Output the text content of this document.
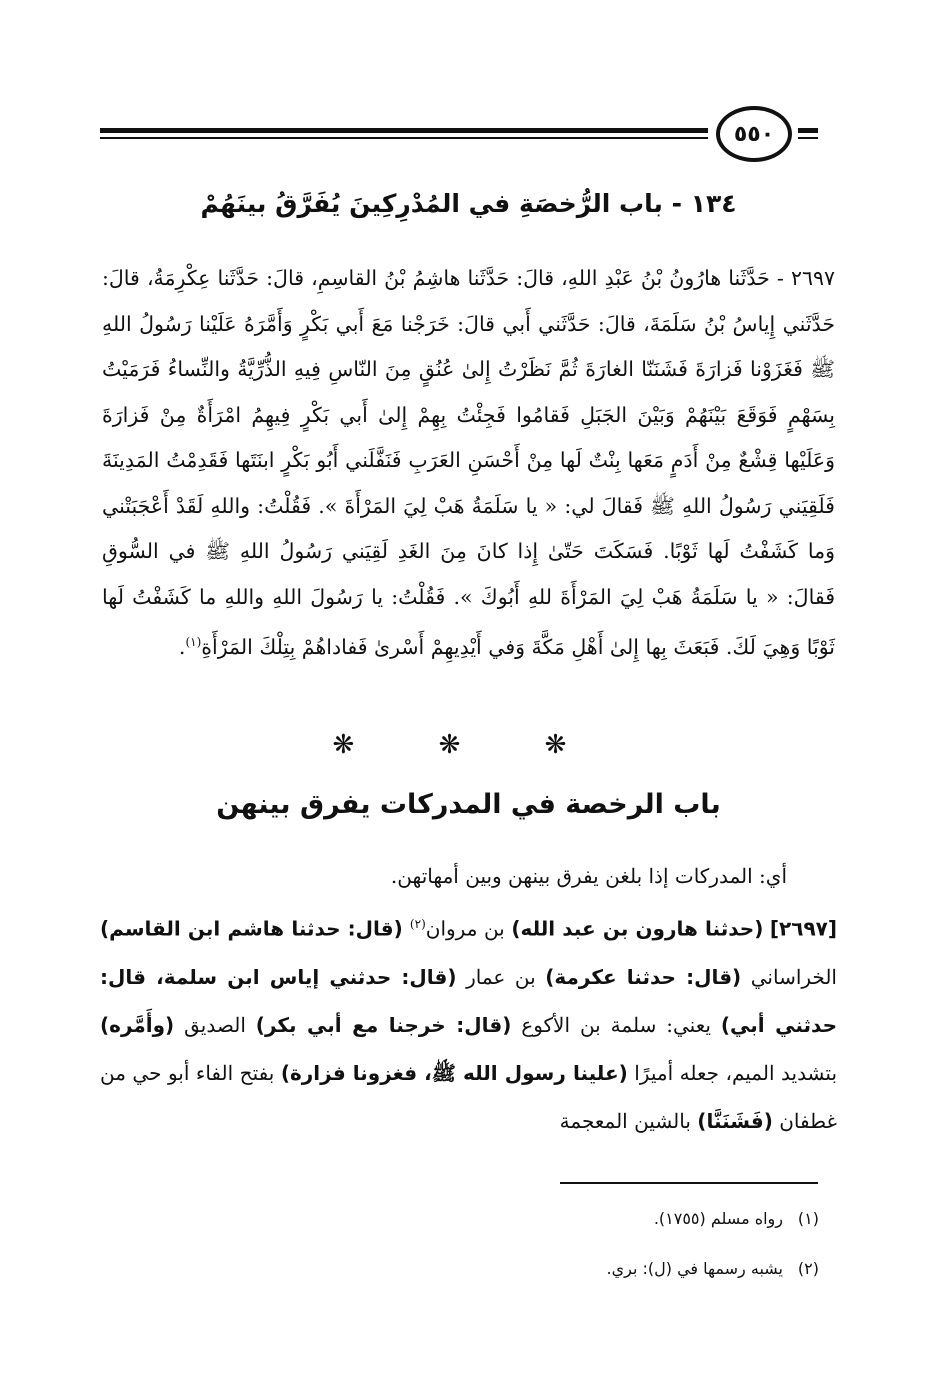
٥٥٠
١٣٤ - باب الرُّخصَةِ في المُدْرِكِينَ يُفَرَّقُ بينَهُمْ
٢٦٩٧ - حَدَّثَنا هارُونُ بْنُ عَبْدِ اللهِ، قالَ: حَدَّثَنا هاشِمُ بْنُ القاسِمِ، قالَ: حَدَّثَنا عِكْرِمَةُ، قالَ: حَدَّثَني إِياسُ بْنُ سَلَمَةَ، قالَ: حَدَّثَني أَبي قالَ: خَرَجْنا مَعَ أَبي بَكْرٍ وَأَمَّرَهُ عَلَيْنا رَسُولُ اللهِ ﷺ فَغَزَوْنا فَزارَةَ فَشَنَنّا الغارَةَ ثُمَّ نَظَرْتُ إِلىٰ عُنُقٍ مِنَ النّاسِ فِيهِ الذُّرِّيَّةُ والنِّساءُ فَرَمَيْتُ بِسَهْمٍ فَوَقَعَ بَيْنَهُمْ وَبَيْنَ الجَبَلِ فَقامُوا فَجِئْتُ بِهِمْ إِلىٰ أَبي بَكْرٍ فِيهِمُ امْرَأَةٌ مِنْ فَزارَةَ وَعَلَيْها قِشْعٌ مِنْ أَدَمٍ مَعَها بِنْتٌ لَها مِنْ أَحْسَنِ العَرَبِ فَنَفَّلَني أَبُو بَكْرٍ ابنَتَها فَقَدِمْتُ المَدِينَةَ فَلَقِيَني رَسُولُ اللهِ ﷺ فَقالَ لي: « يا سَلَمَةُ هَبْ لِيَ المَرْأَةَ ». فَقُلْتُ: واللهِ لَقَدْ أَعْجَبَتْني وَما كَشَفْتُ لَها ثَوْبًا. فَسَكَتَ حَتّىٰ إِذا كانَ مِنَ الغَدِ لَقِيَني رَسُولُ اللهِ ﷺ في السُّوقِ فَقالَ: « يا سَلَمَةُ هَبْ لِيَ المَرْأَةَ للهِ أَبُوكَ ». فَقُلْتُ: يا رَسُولَ اللهِ واللهِ ما كَشَفْتُ لَها ثَوْبًا وَهِيَ لَكَ. فَبَعَثَ بِها إِلىٰ أَهْلِ مَكَّةَ وَفي أَيْدِيهِمْ أَسْرىٰ فَفاداهُمْ بِتِلْكَ المَرْأَةِ$^{(١)}$.
❋ ❋ ❋
باب الرخصة في المدركات يفرق بينهن

أي: المدركات إذا بلغن يفرق بينهن وبين أمهاتهن.

[٢٦٩٧] (حدثنا هارون بن عبد الله) بن مروان$^{(٢)}$ (قال: حدثنا هاشم ابن القاسم) الخراساني (قال: حدثنا عكرمة) بن عمار (قال: حدثني إياس ابن سلمة، قال: حدثني أبي) يعني: سلمة بن الأكوع (قال: خرجنا مع أبي بكر) الصديق (وأَمَّره) بتشديد الميم، جعله أميرًا (علينا رسول الله ﷺ، فغزونا فزارة) بفتح الفاء أبو حي من غطفان (فَشَنَنَّا) بالشين المعجمة

(١)رواه مسلم (١٧٥٥).

(٢)يشبه رسمها في (ل): بري.
